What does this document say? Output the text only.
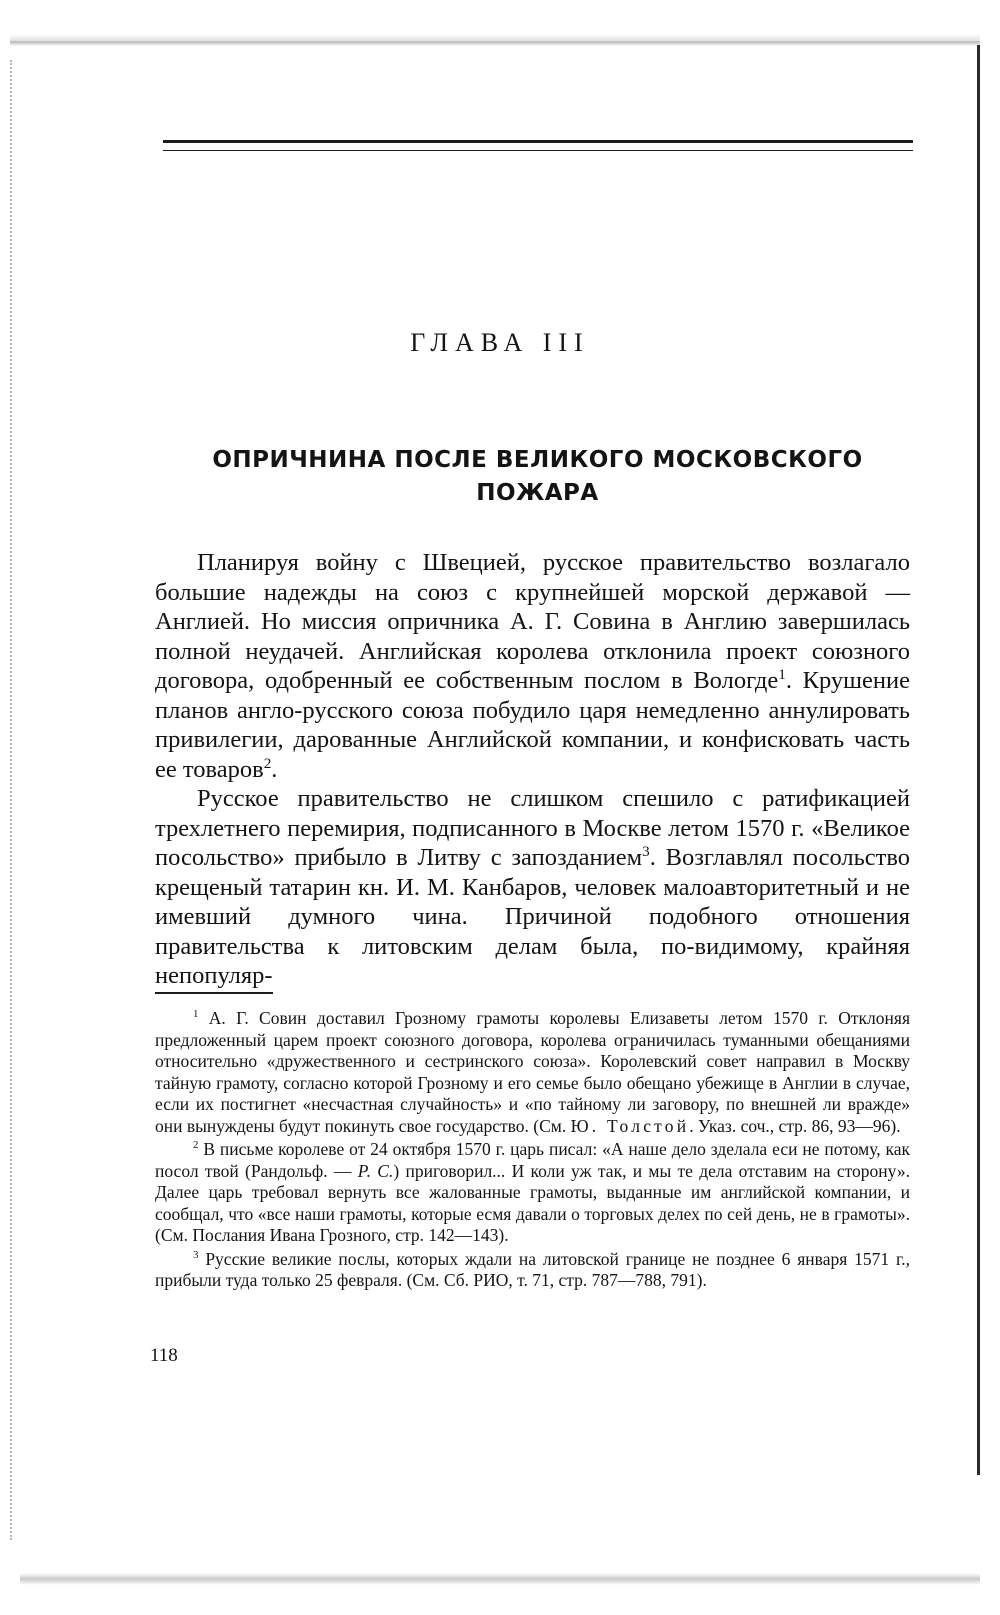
ГЛАВА III
ОПРИЧНИНА ПОСЛЕ ВЕЛИКОГО МОСКОВСКОГО ПОЖАРА

Планируя войну с Швецией, русское правительство возлагало большие надежды на союз с крупнейшей морской державой — Англией. Но миссия опричника А. Г. Совина в Англию завершилась полной неудачей. Английская королева отклонила проект союзного договора, одобренный ее собственным послом в Вологде$^1$. Крушение планов англо-русского союза побудило царя немедленно аннулировать привилегии, дарованные Английской компании, и конфисковать часть ее товаров$^2$.

Русское правительство не слишком спешило с ратификацией трехлетнего перемирия, подписанного в Москве летом 1570 г. «Великое посольство» прибыло в Литву с запозданием$^3$. Возглавлял посольство крещеный татарин кн. И. М. Канбаров, человек малоавторитетный и не имевший думного чина. Причиной подобного отношения правительства к литовским делам была, по-видимому, крайняя непопуляр-

$^1$ А. Г. Совин доставил Грозному грамоты королевы Елизаветы летом 1570 г. Отклоняя предложенный царем проект союзного договора, королева ограничилась туманными обещаниями относительно «дружественного и сестринского союза». Королевский совет направил в Москву тайную грамоту, согласно которой Грозному и его семье было обещано убежище в Англии в случае, если их постигнет «несчастная случайность» и «по тайному ли заговору, по внешней ли вражде» они вынуждены будут покинуть свое государство. (См. Ю. Толстой. Указ. соч., стр. 86, 93—96).

$^2$ В письме королеве от 24 октября 1570 г. царь писал: «А наше дело зделала еси не потому, как посол твой (Рандольф. — Р. С.) приговорил... И коли уж так, и мы те дела отставим на сторону». Далее царь требовал вернуть все жалованные грамоты, выданные им английской компании, и сообщал, что «все наши грамоты, которые есмя давали о торговых делех по сей день, не в грамоты». (См. Послания Ивана Грозного, стр. 142—143).

$^3$ Русские великие послы, которых ждали на литовской границе не позднее 6 января 1571 г., прибыли туда только 25 февраля. (См. Сб. РИО, т. 71, стр. 787—788, 791).

118
